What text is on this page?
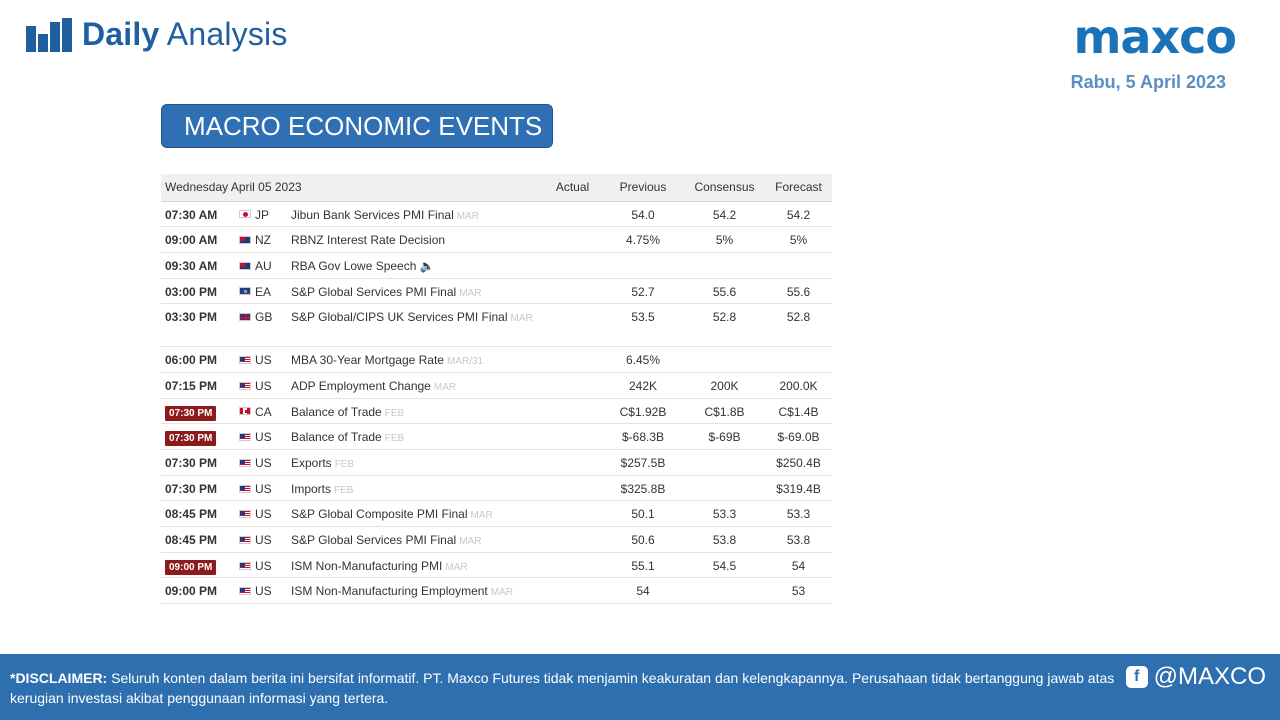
Daily Analysis	maxco
Rabu, 5 April 2023
MACRO ECONOMIC EVENTS
Wednesday April 05 2023			Actual	Previous	Consensus	Forecast
07:30 AM	JP	Jibun Bank Services PMI Final MAR		54.0	54.2	54.2
09:00 AM	NZ	RBNZ Interest Rate Decision		4.75%	5%	5%
09:30 AM	AU	RBA Gov Lowe Speech 🔈				
03:00 PM	EA	S&P Global Services PMI Final MAR		52.7	55.6	55.6
03:30 PM	GB	S&P Global/CIPS UK Services PMI Final MAR		53.5	52.8	52.8
06:00 PM	US	MBA 30-Year Mortgage Rate MAR/31		6.45%		
07:15 PM	US	ADP Employment Change MAR		242K	200K	200.0K
07:30 PM	CA	Balance of Trade FEB		C$1.92B	C$1.8B	C$1.4B
07:30 PM	US	Balance of Trade FEB		$-68.3B	$-69B	$-69.0B
07:30 PM	US	Exports FEB		$257.5B		$250.4B
07:30 PM	US	Imports FEB		$325.8B		$319.4B
08:45 PM	US	S&P Global Composite PMI Final MAR		50.1	53.3	53.3
08:45 PM	US	S&P Global Services PMI Final MAR		50.6	53.8	53.8
09:00 PM	US	ISM Non-Manufacturing PMI MAR		55.1	54.5	54
09:00 PM	US	ISM Non-Manufacturing Employment MAR		54		53
*DISCLAIMER: Seluruh konten dalam berita ini bersifat informatif. PT. Maxco Futures tidak menjamin keakuratan dan kelengkapannya. Perusahaan tidak bertanggung jawab atas
kerugian investasi akibat penggunaan informasi yang tertera.
f @MAXCO
